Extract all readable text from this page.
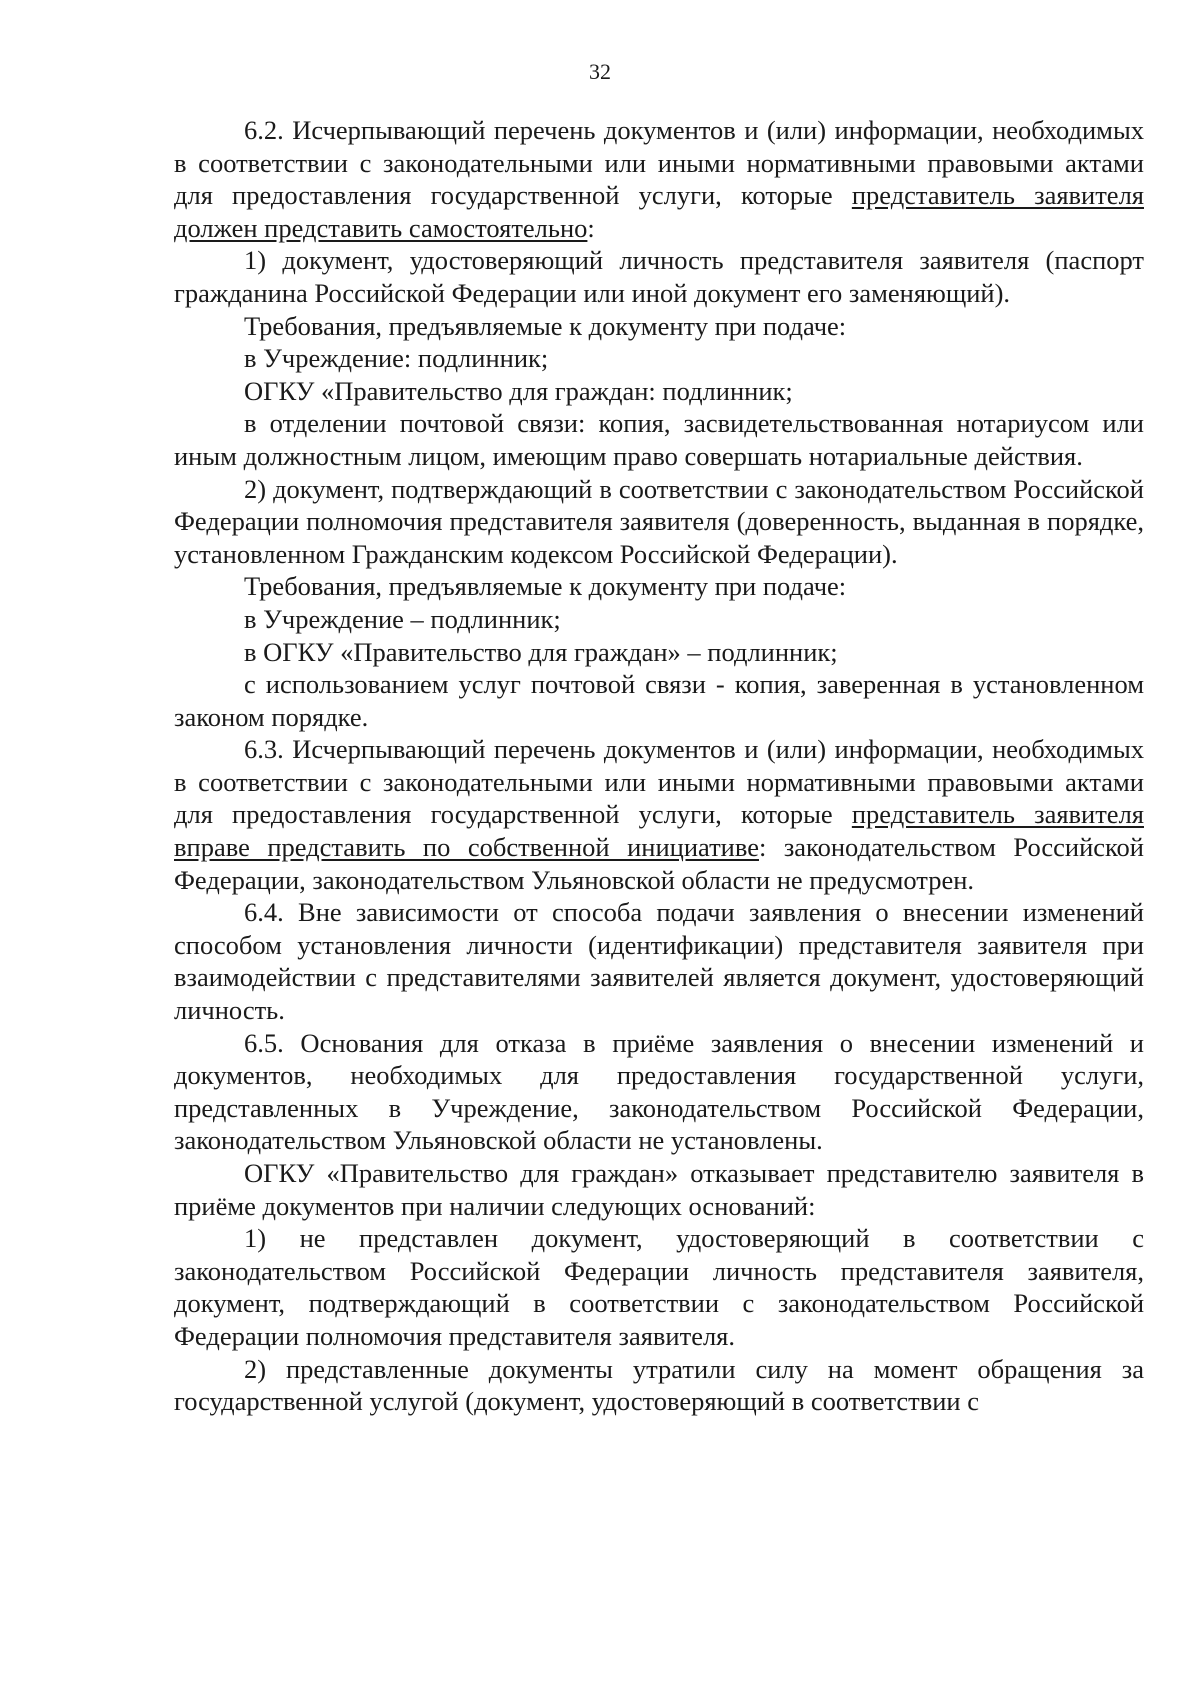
32

6.2. Исчерпывающий перечень документов и (или) информации, необходимых в соответствии с законодательными или иными нормативными правовыми актами для предоставления государственной услуги, которые представитель заявителя должен представить самостоятельно:

1) документ, удостоверяющий личность представителя заявителя (паспорт гражданина Российской Федерации или иной документ его заменяющий).

Требования, предъявляемые к документу при подаче:

в Учреждение: подлинник;

ОГКУ «Правительство для граждан: подлинник;

в отделении почтовой связи: копия, засвидетельствованная нотариусом или иным должностным лицом, имеющим право совершать нотариальные действия.

2) документ, подтверждающий в соответствии с законодательством Российской Федерации полномочия представителя заявителя (доверенность, выданная в порядке, установленном Гражданским кодексом Российской Федерации).

Требования, предъявляемые к документу при подаче:

в Учреждение – подлинник;

в ОГКУ «Правительство для граждан» – подлинник;

с использованием услуг почтовой связи - копия, заверенная в установленном законом порядке.

6.3. Исчерпывающий перечень документов и (или) информации, необходимых в соответствии с законодательными или иными нормативными правовыми актами для предоставления государственной услуги, которые представитель заявителя вправе представить по собственной инициативе: законодательством Российской Федерации, законодательством Ульяновской области не предусмотрен.

6.4. Вне зависимости от способа подачи заявления о внесении изменений способом установления личности (идентификации) представителя заявителя при взаимодействии с представителями заявителей является документ, удостоверяющий личность.

6.5. Основания для отказа в приёме заявления о внесении изменений и документов, необходимых для предоставления государственной услуги, представленных в Учреждение, законодательством Российской Федерации, законодательством Ульяновской области не установлены.

ОГКУ «Правительство для граждан» отказывает представителю заявителя в приёме документов при наличии следующих оснований:

1) не представлен документ, удостоверяющий в соответствии с законодательством Российской Федерации личность представителя заявителя, документ, подтверждающий в соответствии с законодательством Российской Федерации полномочия представителя заявителя.

2) представленные документы утратили силу на момент обращения за государственной услугой (документ, удостоверяющий в соответствии с
